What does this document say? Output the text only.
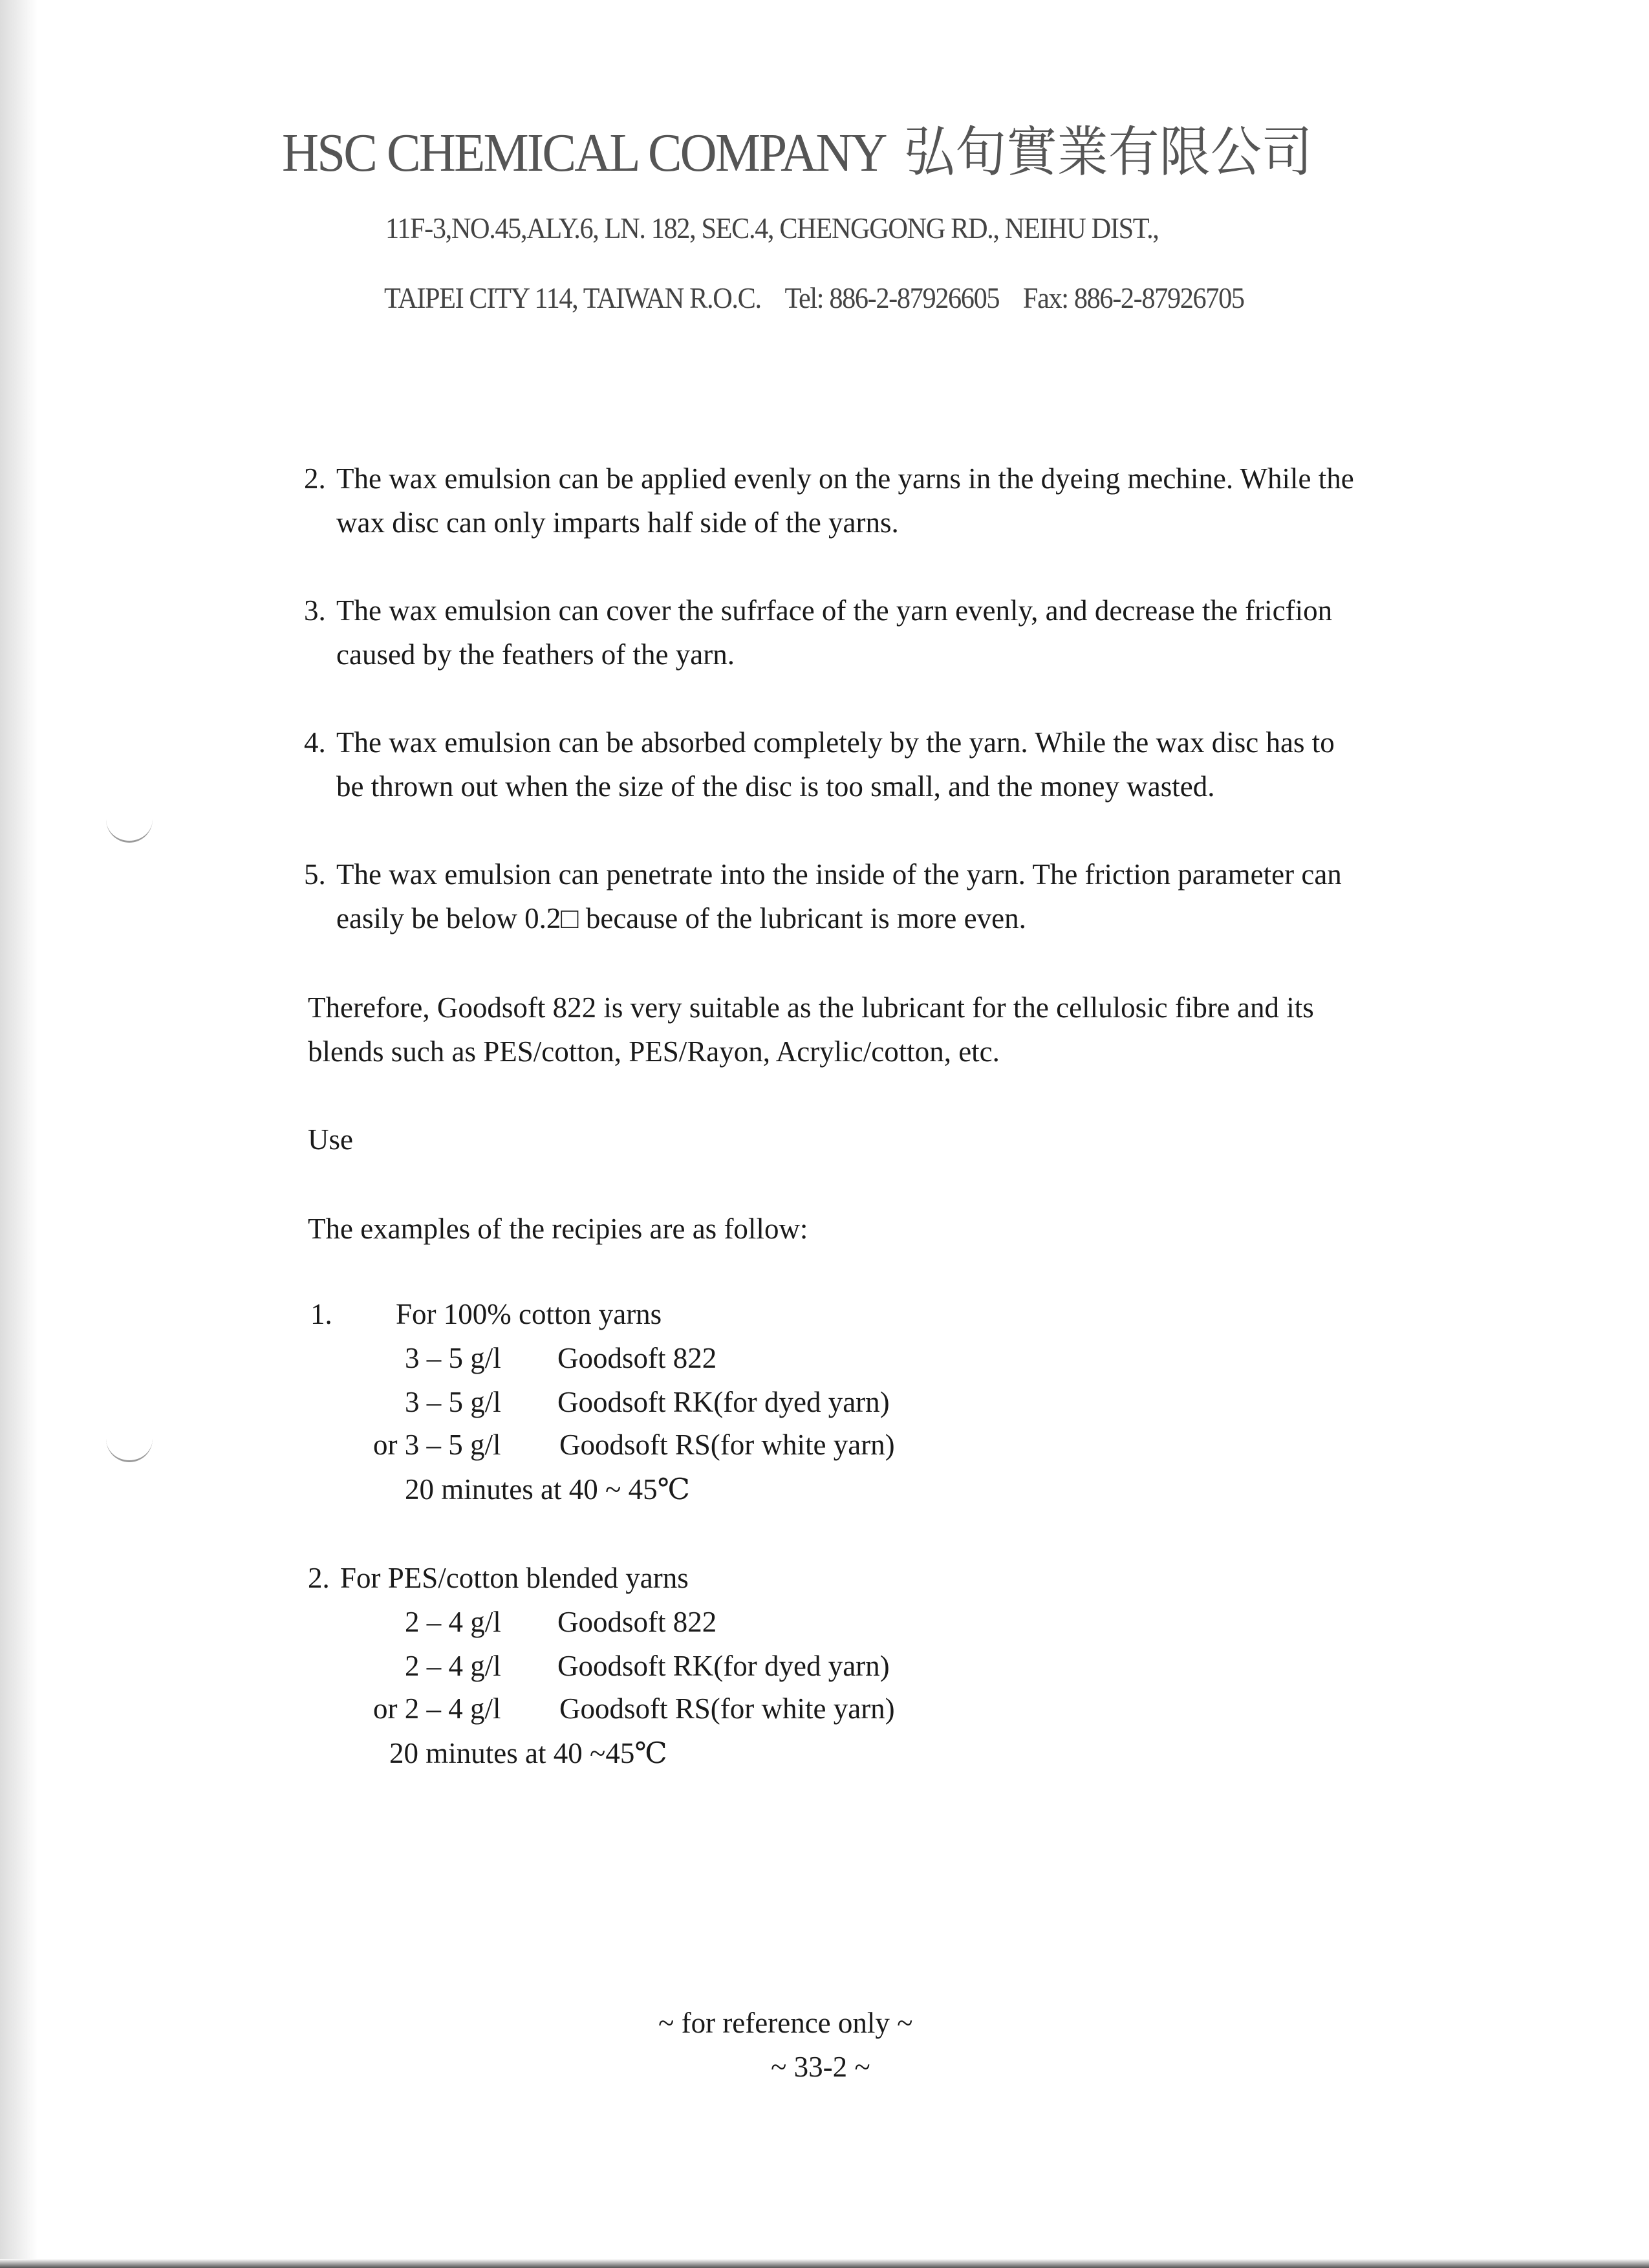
HSC CHEMICAL COMPANY 弘旬實業有限公司
11F-3,NO.45,ALY.6, LN. 182, SEC.4, CHENGGONG RD., NEIHU DIST.,
TAIPEI CITY 114, TAIWAN R.O.C. Tel: 886-2-87926605 Fax: 886-2-87926705
2. The wax emulsion can be applied evenly on the yarns in the dyeing mechine. While the
wax disc can only imparts half side of the yarns.
3. The wax emulsion can cover the sufrface of the yarn evenly, and decrease the fricfion
caused by the feathers of the yarn.
4. The wax emulsion can be absorbed completely by the yarn. While the wax disc has to
be thrown out when the size of the disc is too small, and the money wasted.
5. The wax emulsion can penetrate into the inside of the yarn. The friction parameter can
easily be below 0.2□ because of the lubricant is more even.
Therefore, Goodsoft 822 is very suitable as the lubricant for the cellulosic fibre and its
blends such as PES/cotton, PES/Rayon, Acrylic/cotton, etc.
Use
The examples of the recipies are as follow:
1. For 100% cotton yarns
3 – 5 g/l Goodsoft 822
3 – 5 g/l Goodsoft RK(for dyed yarn)
or 3 – 5 g/l Goodsoft RS(for white yarn)
20 minutes at 40 ~ 45℃
2. For PES/cotton blended yarns
2 – 4 g/l Goodsoft 822
2 – 4 g/l Goodsoft RK(for dyed yarn)
or 2 – 4 g/l Goodsoft RS(for white yarn)
20 minutes at 40 ~45℃
~ for reference only ~
~ 33-2 ~
